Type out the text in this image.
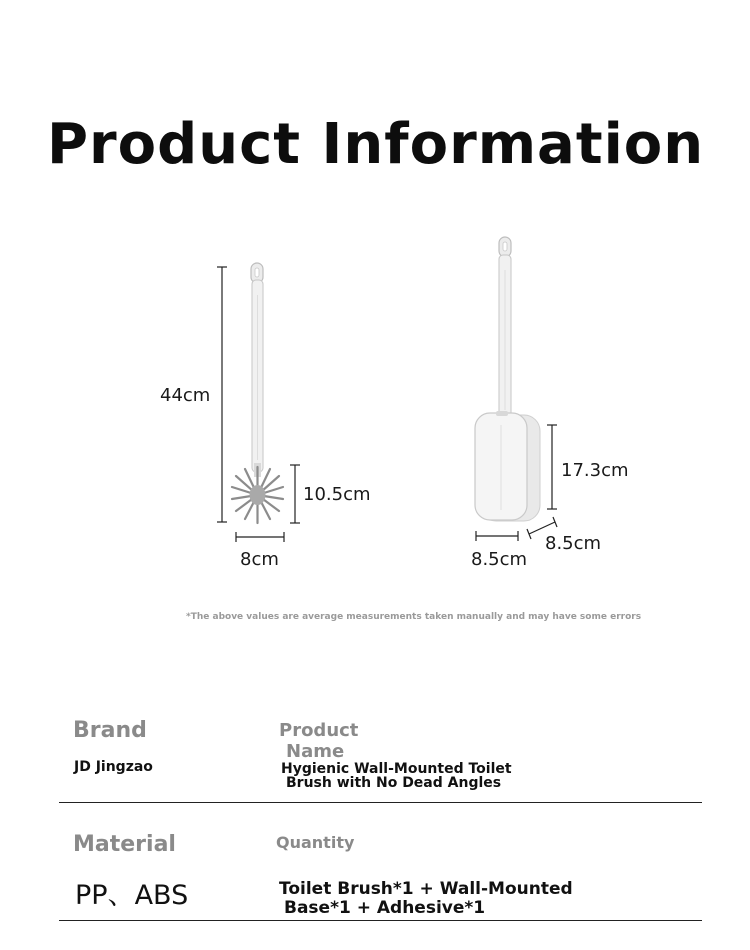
Product Information
44cm
10.5cm
8cm
17.3cm
8.5cm
8.5cm
*The above values are average measurements taken manually and may have some errors
Brand
JD Jingzao
Product
Name
Hygienic Wall-Mounted Toilet
Brush with No Dead Angles
Material
PP、ABS
Quantity
Toilet Brush*1 + Wall-Mounted
Base*1 + Adhesive*1
